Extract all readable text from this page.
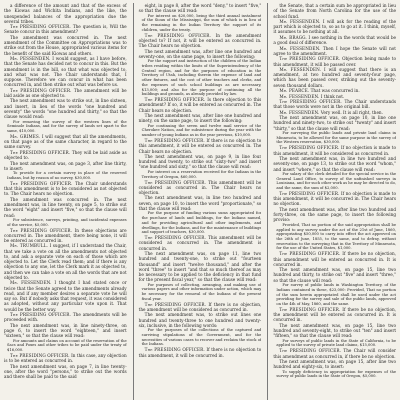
a difference of the amount and that of the excess of the Kiowas and Wichita Indians, and the like, the unexpended balances of the appropriation due the several tribes.

The PRESIDING OFFICER. The question is, Will the Senate concur in this amendment?

The amendment was concurred in. The next amendment of the Committee on Appropriations was to strike out from the House, appropriated various items for the benefit of the said Kiowas and others.

Mr. PESSENDEN. I would suggest, as I have before, that the Senate has decided not to concur in this. But the amendment is in the bill, so that what was objected to, and what was not. The Chair understands that, I suppose. Therefore we can concur in what has been concurred in, and then strike out what was before us.

The PRESIDING OFFICER. The amendment will be laid aside as one objected to.

The next amendment was to strike out, in line sixteen, and insert, in lieu of the words "one hundred and seventy" the words "one hundred and thirty," so that the clause would read:

For removing the survey of the western lines of the Seminole Indians, and for the survey of lands set apart to the same, $10,000.

Mr. GRIMES. I will suggest that all the amendments, on that page as of the same character, in regard to the same survey.

The PRESIDING OFFICER. They will be laid aside as objected to.

The next amendment was, on page 3, after line thirty, to insert:

To provide for a certain survey in place of the reserved Indians, but by reason of no survey, $30,000.

The PRESIDING OFFICER. The Chair understands that this amendment is to be considered as not objected to. The Chair hears no objection.

The amendment was concurred in. The next amendment was, in line twenty, on page 5, to strike out the word "eight" and insert "five," so that the clause will read:

For subsistence, surveys, printing, and incidental expenses of the service, $5,000.

The PRESIDING OFFICER. In these objections are concurred in. The amendment, there being none, it will be entered as concurred in.

Mr. TRUMBULL. I suggest, if I understand the Chair, that we take a vote on all the amendments not objected to, and ask a separate vote on each of those which are objected to. Let the Clerk read them; and if there is any objection to any one, let the Clerk mark it as objected to, and then we can take a vote on all the words that are not objected to.

Mr. FESSENDEN. I thought I had stated once or twice that the Senate agreed to the amendments already read, and if any member desires a separate vote he will say so. But if nobody asks that request, it was considered as adopted, without any particular vote upon it. That would be the better way.

The PRESIDING OFFICER. The amendments will be proceeded with.

The next amendment was, in line ninety-three, on page 6, to insert the word "eighteen," and insert "sixteen," so that the clause will read:

For amounts and claims on account of the reservation of the Sacs and Foxes and other tribes to be paid under the treaty of $16,000.

The PRESIDING OFFICER. In this case, any objection is to be entered as concurred in.

The next amendment was, on page 7, in line twenty-one, after the word "persons," to strike out the words and there shall be paid to the said

eight, in page 8, after the word "deny," to insert "five," so that the clause will read:

For interest on $20,000, being the third annual instalment of the Sioux of the Mississippi, the sum of which is in lieu of the remaining in the Indian Territory the support of its children, under the treaty.

The PRESIDING OFFICER. In the amendment objected to? If not, it will be entered as concurred in. The Chair hears no objection.

The next amendment was, after line one hundred and seventy-one, on the same page, to insert the following:

For the support and instruction of the children of the Indian tribes residing within the limits of the Superintendency of the Central region, and for the purposes of education in the Territory of Utah, including therein the expense of land and other fixtures, and the cost of other teachers and clerks, and the expenses of such school buildings as are necessary, $13,000; and also for the purpose of continuing all the buildings and grounds, as already provided by law.

The PRESIDING OFFICER. Is there objection to this amendment? If so, it will be entered as concurred in. The Chair hears no objection.

The next amendment was, after line one hundred and ninety, on the same page, to insert the following:

For continuing the seven and twelve mail service of the Cherokee Nation, and for subsistence during the year with the number of young Indians as in the year previous, $10,000.

The PRESIDING OFFICER. If there is no objection to this amendment, it will be entered as concurred in. The Chair hears no objection.

The next amendment was, on page 9, in line four hundred and twenty, to strike out "sixty-two" and insert "one hundred and sixty," so that the clause will read:

For interest on a reservation received for the Indians in the Territory of Oregon, $60,000.

The PRESIDING OFFICER. This amendment will be considered as concurred in. The Chair hears no objection.

The next amendment was, in line two hundred and seven, on page 10, to insert the word "proportionate," so that the clause will read:

For the purpose of funding various sums appropriated for the purchase of lands and buildings, for the Indians named, and for providing agricultural and other implements, and dwellings, for the Indians, and for the maintenance of buildings and support of teachers, $30,000.

The PRESIDING OFFICER. This amendment will be considered as concurred in. The amendment is concurred in.

The next amendment was, on page 11, line two hundred and twenty-one, to strike out "fourteen thousand" and insert "twelve thousand," and after the word "three" to insert "and that so much thereof as may be necessary to be applied to the deficiency in that fund for the present fiscal year," so that the clause will read:

For purposes of collecting, arranging, and making use of various papers and other information under action, which may be necessary for the removal of the Indians of the present fiscal year.

The PRESIDING OFFICER. If there is no objection, the amendment will be considered as concurred in.

The next amendment was, to strike out lines one hundred and twenty-three to one hundred and twenty-six, inclusive, in the following words:

For the purposes of the collections of the captured and surviving stipulations of the Government, and for the necessities of various cases to recover and reclaim the stock of the Indians.

The PRESIDING OFFICER. If there is no objection to this amendment, it will be concurred in.

the Senate, that a certain sum be appropriated in lieu of the Senate from North Carolina for the use of the school fund.

Mr. FESSENDEN. I will ask for the reading of the part which is objected to, so as to go at it. I think, myself, it assumes to be nothing at all.

Mr. BRAGG. I see nothing in the words that would be a good deal of difference.

Mr. FESSENDEN. Then I hope the Senate will not agree to the amendment.

The PRESIDING OFFICER. Objection being made to this amendment, it will be passed over.

Mr. FESSENDEN. I will suggest that there is an amendment, at two hundred and seventy-four page, which has been passed over, striking out the seventy-seven thousand dollars.

Mr. PEARCE. That was concurred in.

Mr. FESSENDEN. I think not.

The PRESIDING OFFICER. The Chair understands that those words were not in the original bill.

Mr. FESSENDEN. Very well. It is all right, then.

The next amendment was, on page 10, in line one hundred and ninety-two, to strike out "twenty" and insert "thirty," so that the clause will read:

For surveying the public lands and private land claims in Minnesota, to be allowed for the same purpose in the survey of the Western reservation, $30,000.

The PRESIDING OFFICER. If no objection is made to this amendment, it will be considered as concurred in.

The next amendment was, in line two hundred and seventy-one, on page 13, to strike out the word "whom," and insert "where," so that the clause will read:

For salary of the clerk detailed for the special service in the General Land Office, to survey of the unfinished surveys in Louisiana, and for such other work as he may be directed to do, and the same, the sum of $2,000.

The PRESIDING OFFICER. If no objection is made to this amendment, it will be concurred in. The Chair hears no objection.

The next amendment was, after line two hundred and forty-three, on the same page, to insert the following proviso:

Provided, That no portion of the said appropriation shall be applied to any survey under the act of the 21st of June, 1860, appropriating $50,000 to carry into effect the act approved on the 26th of June, 1855, to the same, and to defray, without reservation to the surveying that in the Territory of Minnesota, for the use of the United States, $1,000.

The PRESIDING OFFICER. If there be no objection, this amendment will be entered as concurred in. It is concurred in.

The next amendment was, on page 15, line two hundred and thirty, to strike out "five" and insert "three," so that the clause will read:

For survey of public lands in Washington Territory, of the Indians contained in these, $23,000: Provided, That no portion of the sum herein appropriated shall be used under the act providing for the survey and sale of the public lands, approved on the 4th of May, 1860, and the same.

The PRESIDING OFFICER. If there be no objection, the amendment will be entered as concurred in. It is concurred in.

The next amendment was, on page 15, line two hundred and seventy-eight, to strike out "ten" and insert "fifteen," so that the clause will read:

For surveys of public lands in the State of California, to be applied to the survey of private land claims, $15,000.

The PRESIDING OFFICER. The Chair will consider this amendment as concurred in, if there be no objection.

The next amendment was, on page 15, after line two hundred and eighty-six, to insert:

To supply deficiency in appropriation for expenses of the survey of public lands in the State of Oregon, $5,000.
